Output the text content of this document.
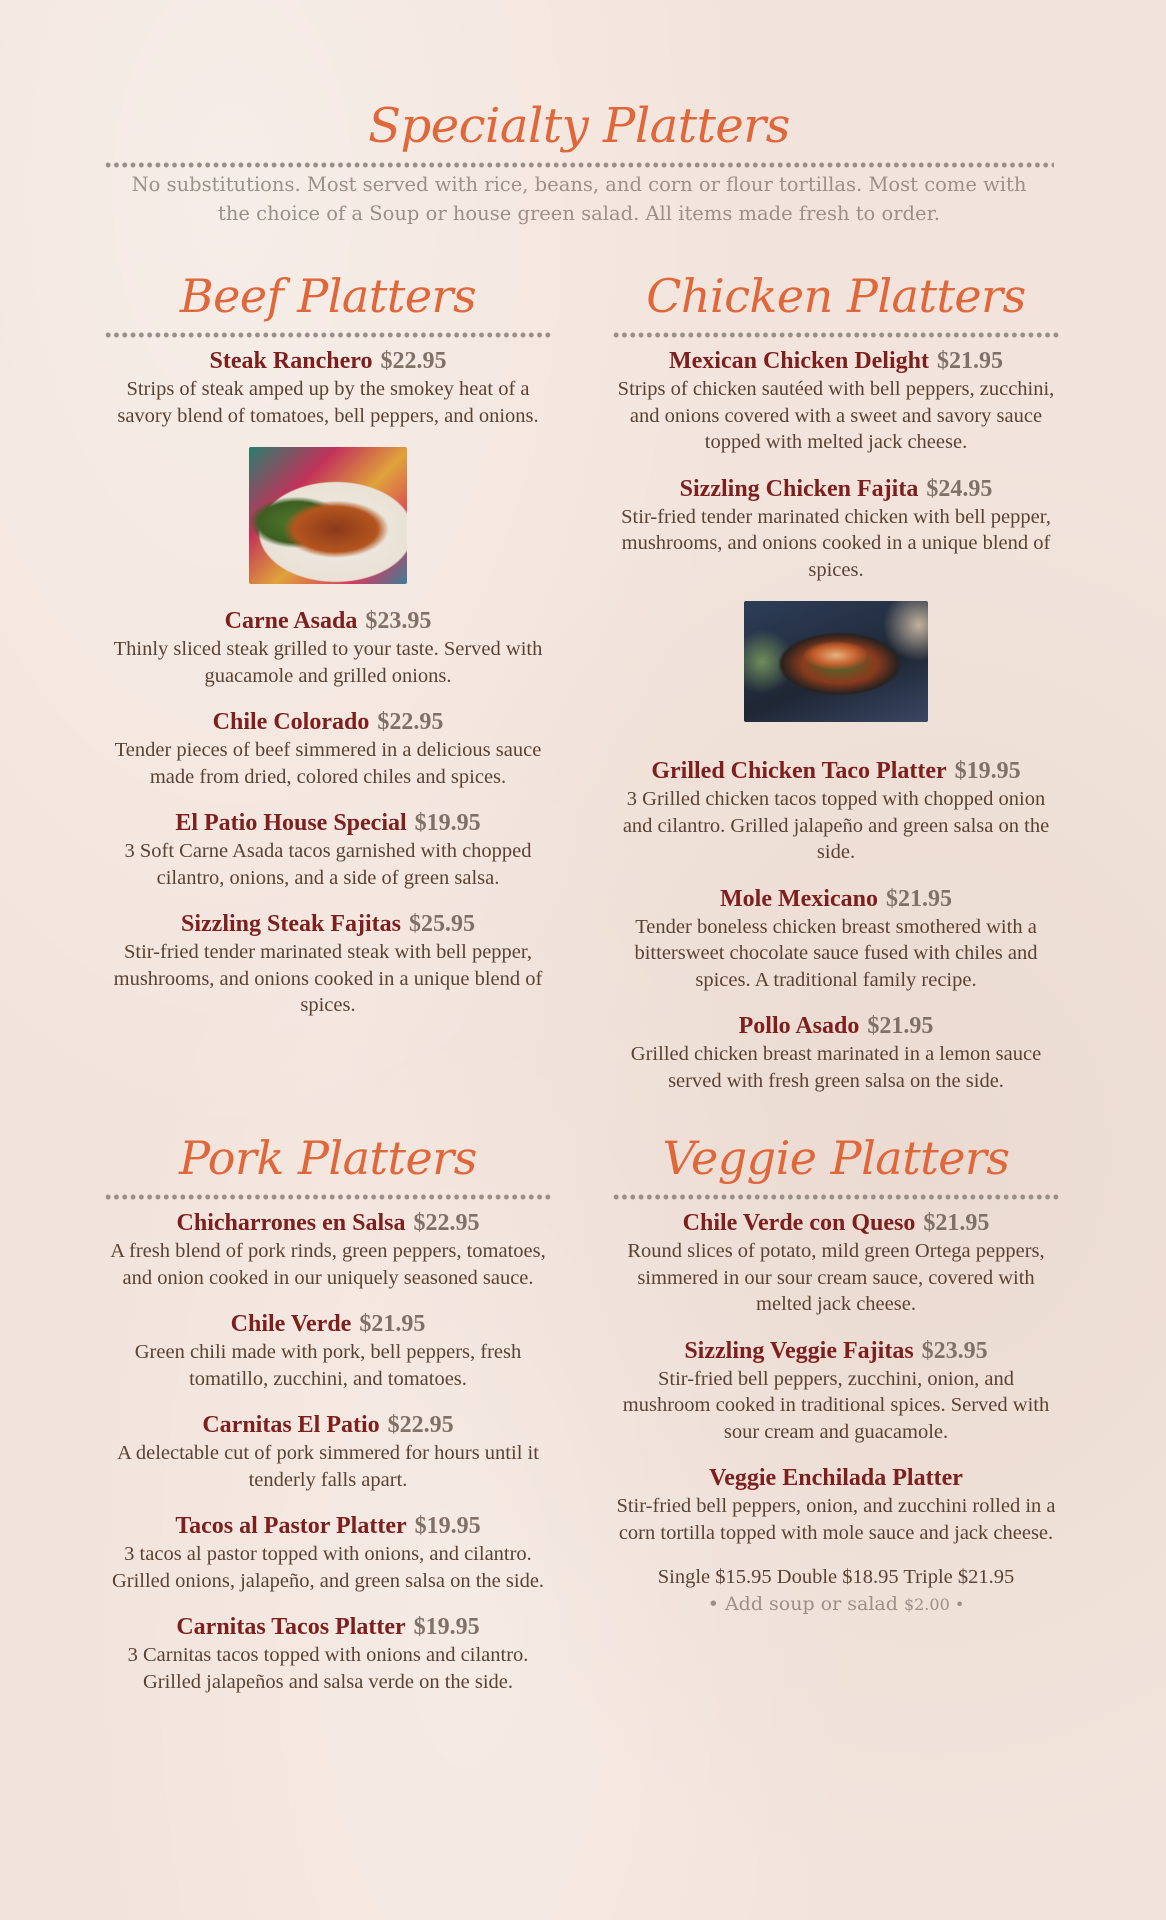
Specialty Platters
No substitutions. Most served with rice, beans, and corn or flour tortillas. Most come with the choice of a Soup or house green salad. All items made fresh to order.
Beef Platters
Steak Ranchero $22.95
Strips of steak amped up by the smokey heat of a savory blend of tomatoes, bell peppers, and onions.
Carne Asada $23.95
Thinly sliced steak grilled to your taste. Served with guacamole and grilled onions.
Chile Colorado $22.95
Tender pieces of beef simmered in a delicious sauce made from dried, colored chiles and spices.
El Patio House Special $19.95
3 Soft Carne Asada tacos garnished with chopped cilantro, onions, and a side of green salsa.
Sizzling Steak Fajitas $25.95
Stir-fried tender marinated steak with bell pepper, mushrooms, and onions cooked in a unique blend of spices.
Chicken Platters
Mexican Chicken Delight $21.95
Strips of chicken sautéed with bell peppers, zucchini, and onions covered with a sweet and savory sauce topped with melted jack cheese.
Sizzling Chicken Fajita $24.95
Stir-fried tender marinated chicken with bell pepper, mushrooms, and onions cooked in a unique blend of spices.
Grilled Chicken Taco Platter $19.95
3 Grilled chicken tacos topped with chopped onion and cilantro. Grilled jalapeño and green salsa on the side.
Mole Mexicano $21.95
Tender boneless chicken breast smothered with a bittersweet chocolate sauce fused with chiles and spices. A traditional family recipe.
Pollo Asado $21.95
Grilled chicken breast marinated in a lemon sauce served with fresh green salsa on the side.
Pork Platters
Chicharrones en Salsa $22.95
A fresh blend of pork rinds, green peppers, tomatoes, and onion cooked in our uniquely seasoned sauce.
Chile Verde $21.95
Green chili made with pork, bell peppers, fresh tomatillo, zucchini, and tomatoes.
Carnitas El Patio $22.95
A delectable cut of pork simmered for hours until it tenderly falls apart.
Tacos al Pastor Platter $19.95
3 tacos al pastor topped with onions, and cilantro. Grilled onions, jalapeño, and green salsa on the side.
Carnitas Tacos Platter $19.95
3 Carnitas tacos topped with onions and cilantro. Grilled jalapeños and salsa verde on the side.
Veggie Platters
Chile Verde con Queso $21.95
Round slices of potato, mild green Ortega peppers, simmered in our sour cream sauce, covered with melted jack cheese.
Sizzling Veggie Fajitas $23.95
Stir-fried bell peppers, zucchini, onion, and mushroom cooked in traditional spices. Served with sour cream and guacamole.
Veggie Enchilada Platter
Stir-fried bell peppers, onion, and zucchini rolled in a corn tortilla topped with mole sauce and jack cheese.
Single $15.95 Double $18.95 Triple $21.95
• Add soup or salad $2.00 •
